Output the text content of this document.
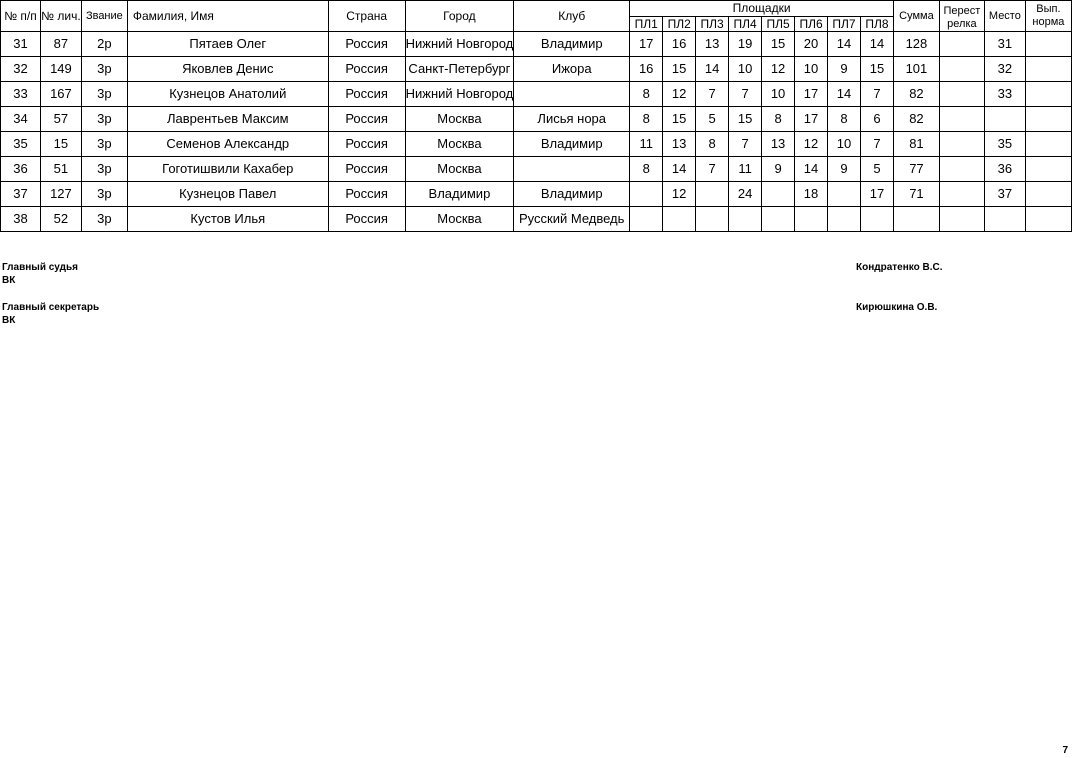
№ п/п	№ лич.	Звание	Фамилия, Имя	Страна	Город	Клуб	Площадки								Сумма	Перест релка	Место	Вып. норма
							ПЛ1	ПЛ2	ПЛ3	ПЛ4	ПЛ5	ПЛ6	ПЛ7	ПЛ8				
31	87	2р	Пятаев Олег	Россия	Нижний Новгород	Владимир	17	16	13	19	15	20	14	14	128		31	
32	149	3р	Яковлев Денис	Россия	Санкт-Петербург	Ижора	16	15	14	10	12	10	9	15	101		32	
33	167	3р	Кузнецов Анатолий	Россия	Нижний Новгород		8	12	7	7	10	17	14	7	82		33	
34	57	3р	Лаврентьев Максим	Россия	Москва	Лисья нора	8	15	5	15	8	17	8	6	82			
35	15	3р	Семенов Александр	Россия	Москва	Владимир	11	13	8	7	13	12	10	7	81		35	
36	51	3р	Гоготишвили Кахабер	Россия	Москва		8	14	7	11	9	14	9	5	77		36	
37	127	3р	Кузнецов Павел	Россия	Владимир	Владимир		12		24		18		17	71		37	
38	52	3р	Кустов Илья	Россия	Москва	Русский Медведь												
Главный судья
ВК
Кондратенко В.С.
Главный секретарь
ВК
Кирюшкина О.В.
7
